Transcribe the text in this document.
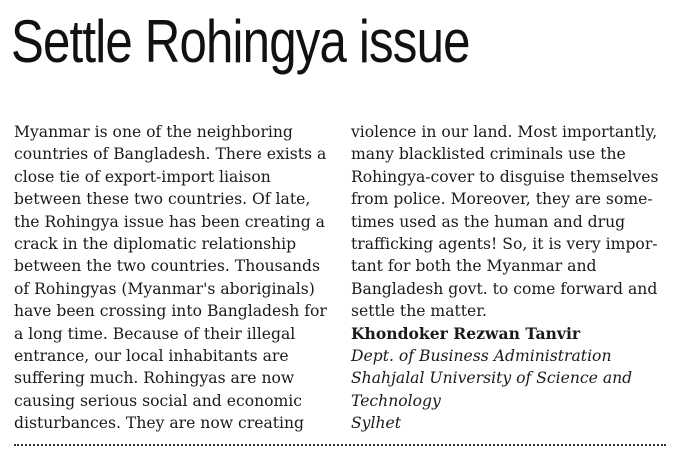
Settle Rohingya issue
Myanmar is one of the neighboring
countries of Bangladesh. There exists a
close tie of export-import liaison
between these two countries. Of late,
the Rohingya issue has been creating a
crack in the diplomatic relationship
between the two countries. Thousands
of Rohingyas (Myanmar's aboriginals)
have been crossing into Bangladesh for
a long time. Because of their illegal
entrance, our local inhabitants are
suffering much. Rohingyas are now
causing serious social and economic
disturbances. They are now creating
violence in our land. Most importantly,
many blacklisted criminals use the
Rohingya-cover to disguise themselves
from police. Moreover, they are some-
times used as the human and drug
trafficking agents! So, it is very impor-
tant for both the Myanmar and
Bangladesh govt. to come forward and
settle the matter.
Khondoker Rezwan Tanvir
Dept. of Business Administration
Shahjalal University of Science and
Technology
Sylhet
